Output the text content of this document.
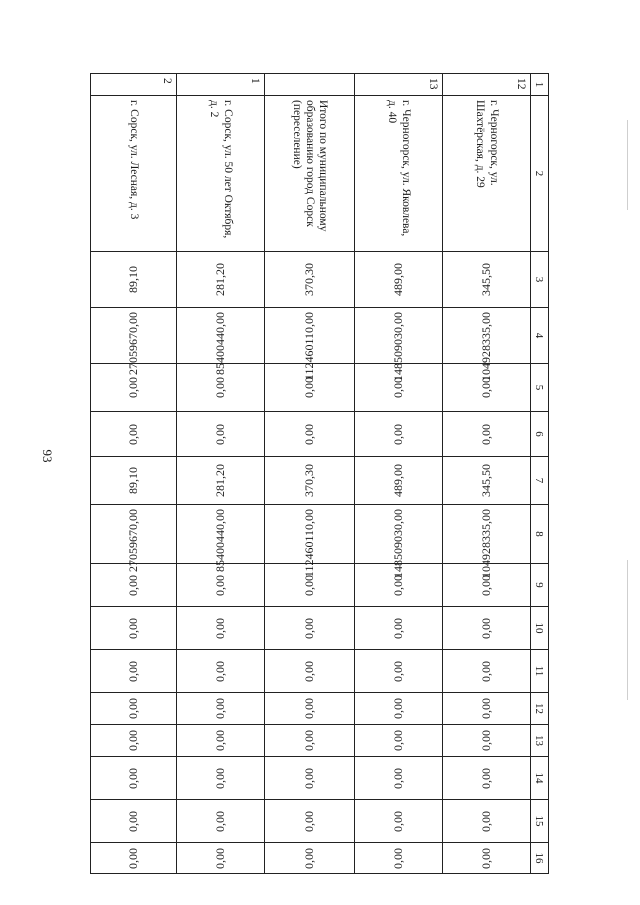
93
1	2	3	4	5	6	7	8	9	10	11	12	13	14	15	16
12	г. Черногорск, ул. Шахтёрская, д. 29	345,50	104928335,00	0,00	0,00	345,50	104928335,00	0,00	0,00	0,00	0,00	0,00	0,00	0,00	0,00
13	г. Черногорск, ул. Яковлева, д. 40	489,00	148509030,00	0,00	0,00	489,00	148509030,00	0,00	0,00	0,00	0,00	0,00	0,00	0,00	0,00
	Итого по муниципальному образованию город Сорск (переселение)	370,30	112460110,00	0,00	0,00	370,30	112460110,00	0,00	0,00	0,00	0,00	0,00	0,00	0,00	0,00
1	г. Сорск, ул. 50 лет Октября, д. 2	281,20	85400440,00	0,00	0,00	281,20	85400440,00	0,00	0,00	0,00	0,00	0,00	0,00	0,00	0,00
2	г. Сорск, ул. Лесная, д. 3	89,10	27059670,00	0,00	0,00	89,10	27059670,00	0,00	0,00	0,00	0,00	0,00	0,00	0,00	0,00
